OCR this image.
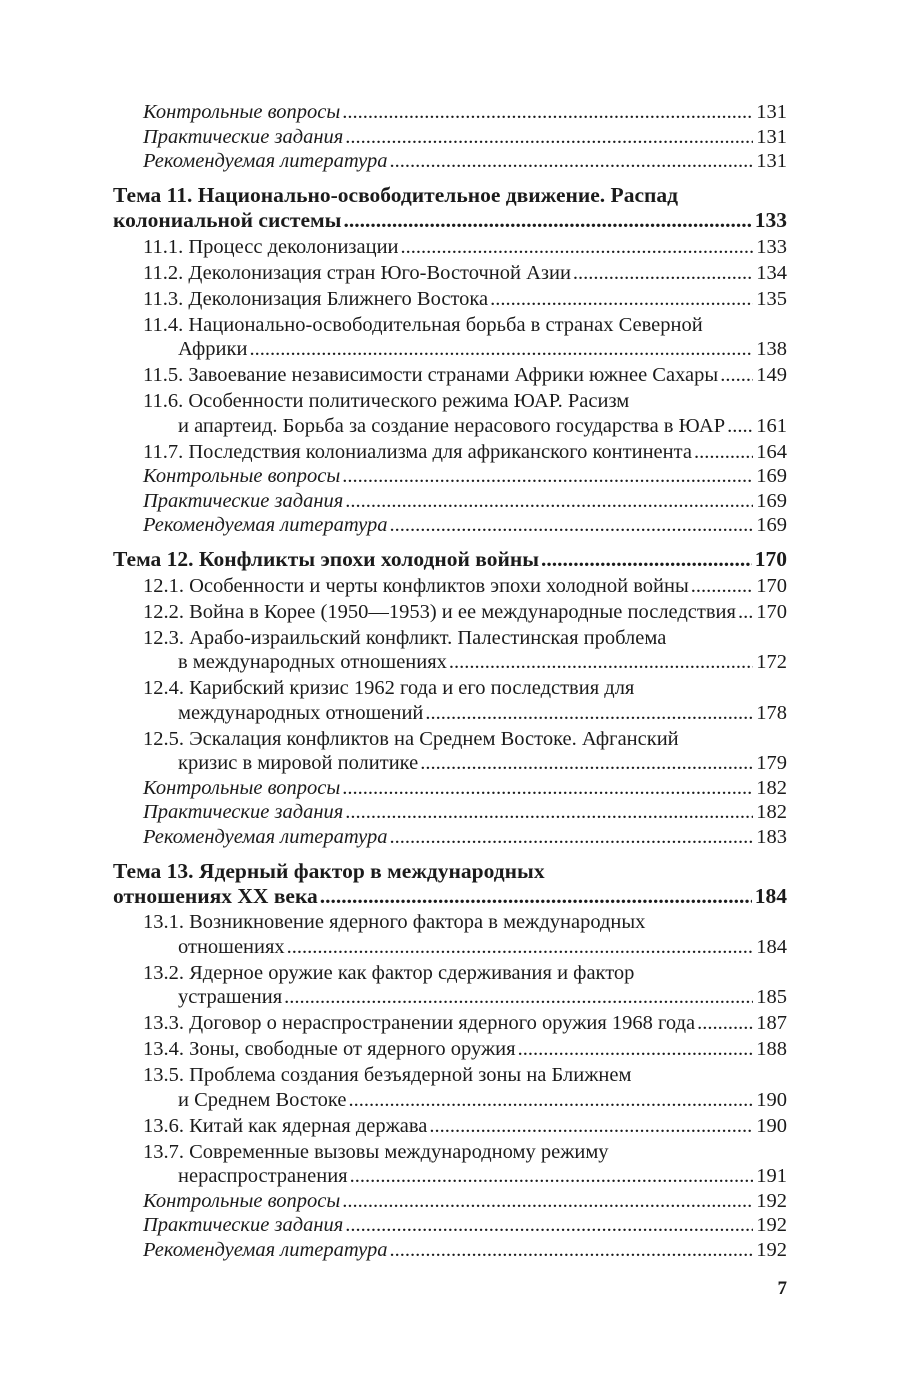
Контрольные вопросы .....	131
Практические задания .....	131
Рекомендуемая литература .....	131
Тема 11. Национально-освободительное движение. Распад
колониальной системы .....	133
11.1. Процесс деколонизации .....	133
11.2. Деколонизация стран Юго-Восточной Азии .....	134
11.3. Деколонизация Ближнего Востока .....	135
11.4. Национально-освободительная борьба в странах Северной
Африки .....	138
11.5. Завоевание независимости странами Африки южнее Сахары ..... 149
11.6. Особенности политического режима ЮАР. Расизм
и апартеид. Борьба за создание нерасового государства в ЮАР ..... 161
11.7. Последствия колониализма для африканского континента .....	164
Контрольные вопросы .....	169
Практические задания .....	169
Рекомендуемая литература .....	169
Тема 12. Конфликты эпохи холодной войны .....	170
12.1. Особенности и черты конфликтов эпохи холодной войны .....	170
12.2. Война в Корее (1950—1953) и ее международные последствия ..... 170
12.3. Арабо-израильский конфликт. Палестинская проблема
в международных отношениях .....	172
12.4. Карибский кризис 1962 года и его последствия для
международных отношений .....	178
12.5. Эскалация конфликтов на Среднем Востоке. Афганский
кризис в мировой политике .....	179
Контрольные вопросы .....	182
Практические задания .....	182
Рекомендуемая литература .....	183
Тема 13. Ядерный фактор в международных
отношениях XX века .....	184
13.1. Возникновение ядерного фактора в международных
отношениях .....	184
13.2. Ядерное оружие как фактор сдерживания и фактор
устрашения .....	185
13.3. Договор о нераспространении ядерного оружия 1968 года .....	187
13.4. Зоны, свободные от ядерного оружия .....	188
13.5. Проблема создания безъядерной зоны на Ближнем
и Среднем Востоке .....	190
13.6. Китай как ядерная держава .....	190
13.7. Современные вызовы международному режиму
нераспространения .....	191
Контрольные вопросы .....	192
Практические задания .....	192
Рекомендуемая литература .....	192
7
